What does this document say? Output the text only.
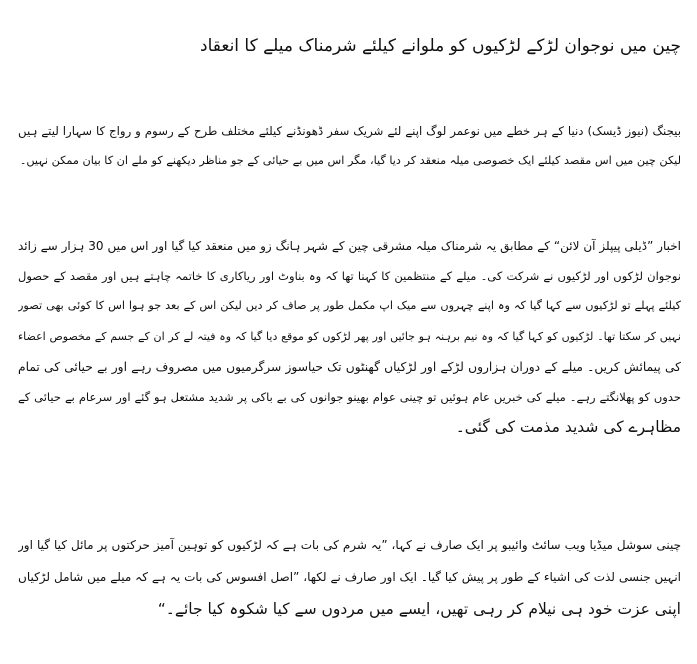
چین میں نوجوان لڑکے لڑکیوں کو ملوانے کیلئے شرمناک میلے کا انعقاد
بیجنگ (نیوز ڈیسک) دنیا کے ہر خطے میں نوعمر لوگ اپنے لئے شریک سفر ڈھونڈنے کیلئے مختلف طرح کے رسوم و رواج کا سہارا لیتے ہیں
لیکن چین میں اس مقصد کیلئے ایک خصوصی میلہ منعقد کر دیا گیا، مگر اس میں بے حیائی کے جو مناظر دیکھنے کو ملے ان کا بیان ممکن نہیں۔
اخبار ”ڈیلی پیپلز آن لائن“ کے مطابق یہ شرمناک میلہ مشرقی چین کے شہر ہانگ زو میں منعقد کیا گیا اور اس میں 30 ہزار سے زائد
نوجوان لڑکوں اور لڑکیوں نے شرکت کی۔ میلے کے منتظمین کا کہنا تھا کہ وہ بناوٹ اور ریاکاری کا خاتمہ چاہتے ہیں اور مقصد کے حصول
کیلئے پہلے تو لڑکیوں سے کہا گیا کہ وہ اپنے چہروں سے میک اپ مکمل طور پر صاف کر دیں لیکن اس کے بعد جو ہوا اس کا کوئی بھی تصور
نہیں کر سکتا تھا۔ لڑکیوں کو کہا گیا کہ وہ نیم برہنہ ہو جائیں اور پھر لڑکوں کو موقع دیا گیا کہ وہ فیتہ لے کر ان کے جسم کے مخصوص اعضاء
کی پیمائش کریں۔ میلے کے دوران ہزاروں لڑکے اور لڑکیاں گھنٹوں تک حیاسوز سرگرمیوں میں مصروف رہے اور بے حیائی کی تمام
حدوں کو پھلانگتے رہے۔ میلے کی خبریں عام ہوئیں تو چینی عوام بھینو جوانوں کی بے باکی پر شدید مشتعل ہو گئے اور سرعام بے حیائی کے
مظاہرے کی شدید مذمت کی گئی۔
چینی سوشل میڈیا ویب سائٹ وائیبو پر ایک صارف نے کہا، ”یہ شرم کی بات ہے کہ لڑکیوں کو توہین آمیز حرکتوں پر مائل کیا گیا اور
انہیں جنسی لذت کی اشیاء کے طور پر پیش کیا گیا۔ ایک اور صارف نے لکھا، ”اصل افسوس کی بات یہ ہے کہ میلے میں شامل لڑکیاں
اپنی عزت خود ہی نیلام کر رہی تھیں، ایسے میں مردوں سے کیا شکوہ کیا جائے۔“
